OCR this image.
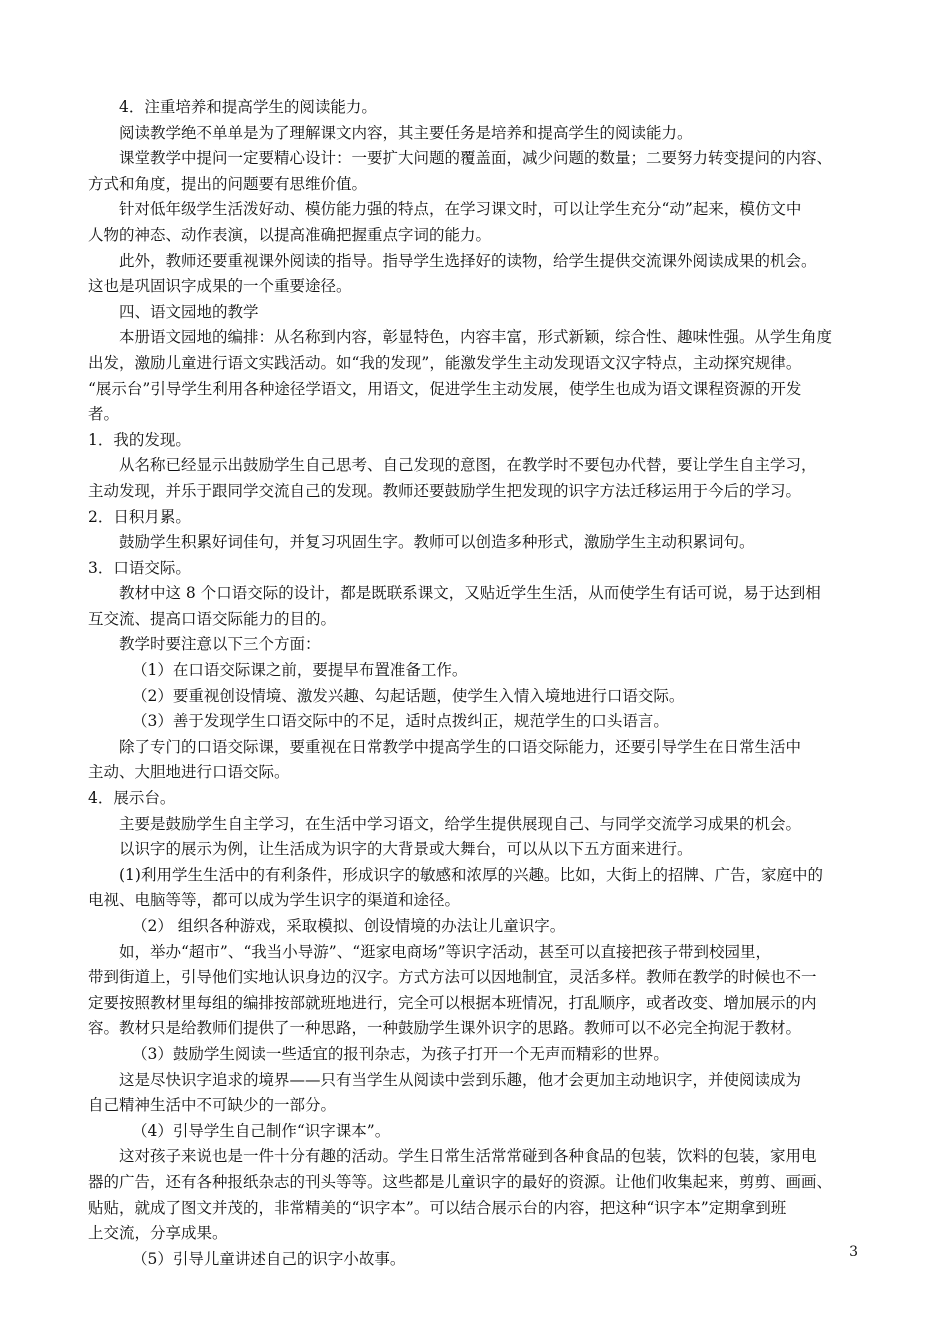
4．注重培养和提高学生的阅读能力。
阅读教学绝不单单是为了理解课文内容，其主要任务是培养和提高学生的阅读能力。
课堂教学中提问一定要精心设计：一要扩大问题的覆盖面，减少问题的数量；二要努力转变提问的内容、
方式和角度，提出的问题要有思维价值。
针对低年级学生活泼好动、模仿能力强的特点，在学习课文时，可以让学生充分“动”起来，模仿文中
人物的神态、动作表演，以提高准确把握重点字词的能力。
此外，教师还要重视课外阅读的指导。指导学生选择好的读物，给学生提供交流课外阅读成果的机会。
这也是巩固识字成果的一个重要途径。
四、语文园地的教学
本册语文园地的编排：从名称到内容，彰显特色，内容丰富，形式新颖，综合性、趣味性强。从学生角度
出发，激励儿童进行语文实践活动。如“我的发现”，能激发学生主动发现语文汉字特点，主动探究规律。
“展示台”引导学生利用各种途径学语文，用语文，促进学生主动发展，使学生也成为语文课程资源的开发
者。
1．我的发现。
从名称已经显示出鼓励学生自己思考、自己发现的意图，在教学时不要包办代替，要让学生自主学习，
主动发现，并乐于跟同学交流自己的发现。教师还要鼓励学生把发现的识字方法迁移运用于今后的学习。
2．日积月累。
鼓励学生积累好词佳句，并复习巩固生字。教师可以创造多种形式，激励学生主动积累词句。
3．口语交际。
教材中这 8 个口语交际的设计，都是既联系课文，又贴近学生生活，从而使学生有话可说，易于达到相
互交流、提高口语交际能力的目的。
教学时要注意以下三个方面：
（1）在口语交际课之前，要提早布置准备工作。
（2）要重视创设情境、激发兴趣、勾起话题，使学生入情入境地进行口语交际。
（3）善于发现学生口语交际中的不足，适时点拨纠正，规范学生的口头语言。
除了专门的口语交际课，要重视在日常教学中提高学生的口语交际能力，还要引导学生在日常生活中
主动、大胆地进行口语交际。
4．展示台。
主要是鼓励学生自主学习，在生活中学习语文，给学生提供展现自己、与同学交流学习成果的机会。
以识字的展示为例，让生活成为识字的大背景或大舞台，可以从以下五方面来进行。
(1)利用学生生活中的有利条件，形成识字的敏感和浓厚的兴趣。比如，大街上的招牌、广告，家庭中的
电视、电脑等等，都可以成为学生识字的渠道和途径。
（2） 组织各种游戏，采取模拟、创设情境的办法让儿童识字。
如，举办“超市”、“我当小导游”、“逛家电商场”等识字活动，甚至可以直接把孩子带到校园里，
带到街道上，引导他们实地认识身边的汉字。方式方法可以因地制宜，灵活多样。教师在教学的时候也不一
定要按照教材里每组的编排按部就班地进行，完全可以根据本班情况，打乱顺序，或者改变、增加展示的内
容。教材只是给教师们提供了一种思路，一种鼓励学生课外识字的思路。教师可以不必完全拘泥于教材。
（3）鼓励学生阅读一些适宜的报刊杂志，为孩子打开一个无声而精彩的世界。
这是尽快识字追求的境界——只有当学生从阅读中尝到乐趣，他才会更加主动地识字，并使阅读成为
自己精神生活中不可缺少的一部分。
（4）引导学生自己制作“识字课本”。
这对孩子来说也是一件十分有趣的活动。学生日常生活常常碰到各种食品的包装，饮料的包装，家用电
器的广告，还有各种报纸杂志的刊头等等。这些都是儿童识字的最好的资源。让他们收集起来，剪剪、画画、
贴贴，就成了图文并茂的，非常精美的“识字本”。可以结合展示台的内容，把这种“识字本”定期拿到班
上交流，分享成果。
（5）引导儿童讲述自己的识字小故事。	3
